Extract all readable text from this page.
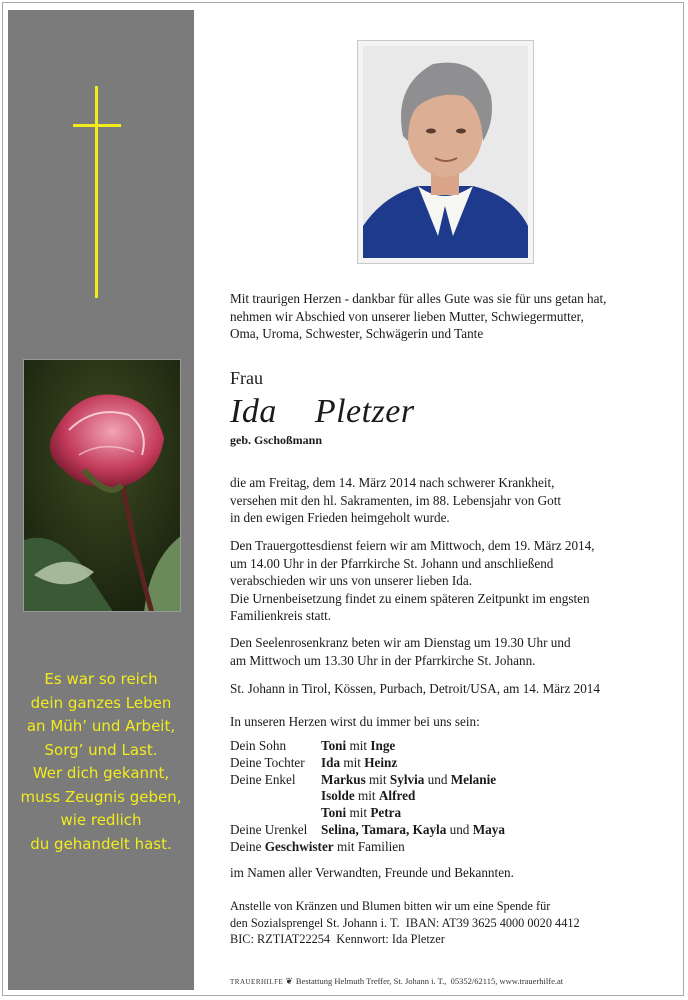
Es war so reich
dein ganzes Leben
an Müh’ und Arbeit,
Sorg’ und Last.
Wer dich gekannt,
muss Zeugnis geben,
wie redlich
du gehandelt hast.
Mit traurigen Herzen - dankbar für alles Gute was sie für uns getan hat,
nehmen wir Abschied von unserer lieben Mutter, Schwiegermutter,
Oma, Uroma, Schwester, Schwägerin und Tante
Frau
Ida  Pletzer
geb. Gschoßmann
die am Freitag, dem 14. März 2014 nach schwerer Krankheit,
versehen mit den hl. Sakramenten, im 88. Lebensjahr von Gott
in den ewigen Frieden heimgeholt wurde.
Den Trauergottesdienst feiern wir am Mittwoch, dem 19. März 2014,
um 14.00 Uhr in der Pfarrkirche St. Johann und anschließend
verabschieden wir uns von unserer lieben Ida.
Die Urnenbeisetzung findet zu einem späteren Zeitpunkt im engsten
Familienkreis statt.
Den Seelenrosenkranz beten wir am Dienstag um 19.30 Uhr und
am Mittwoch um 13.30 Uhr in der Pfarrkirche St. Johann.
St. Johann in Tirol, Kössen, Purbach, Detroit/USA, am 14. März 2014
In unseren Herzen wirst du immer bei uns sein:
Dein Sohn	Toni mit Inge
Deine Tochter	Ida mit Heinz
Deine Enkel	Markus mit Sylvia und Melanie
Isolde mit Alfred
Toni mit Petra
Deine Urenkel	Selina, Tamara, Kayla und Maya
Deine Geschwister mit Familien
im Namen aller Verwandten, Freunde und Bekannten.
Anstelle von Kränzen und Blumen bitten wir um eine Spende für
den Sozialsprengel St. Johann i. T.  IBAN: AT39 3625 4000 0020 4412
BIC: RZTIAT22254  Kennwort: Ida Pletzer
TRAUERHILFE ❦ Bestattung Helmuth Treffer, St. Johann i. T.,  05352/62115, www.trauerhilfe.at
